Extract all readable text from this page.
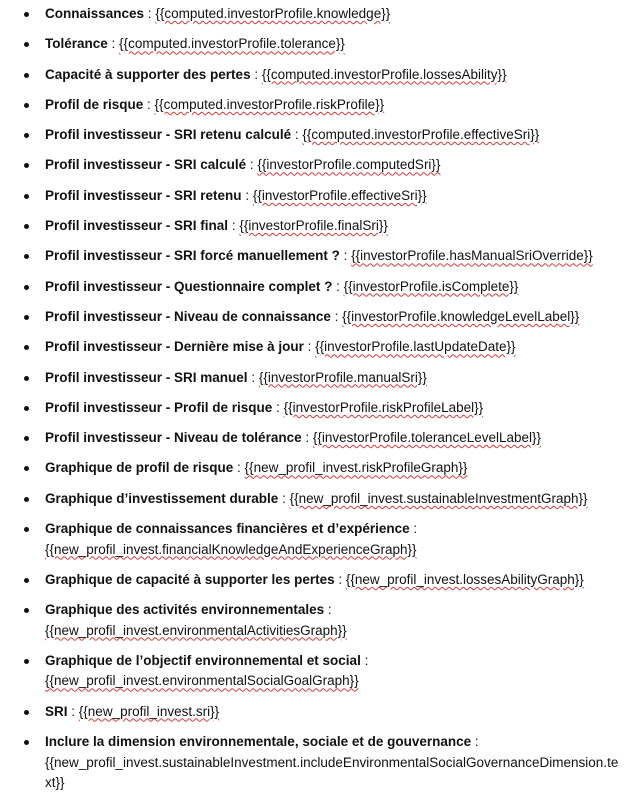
Connaissances : {{computed.investorProfile.knowledge}}
Tolérance : {{computed.investorProfile.tolerance}}
Capacité à supporter des pertes : {{computed.investorProfile.lossesAbility}}
Profil de risque : {{computed.investorProfile.riskProfile}}
Profil investisseur - SRI retenu calculé : {{computed.investorProfile.effectiveSri}}
Profil investisseur - SRI calculé : {{investorProfile.computedSri}}
Profil investisseur - SRI retenu : {{investorProfile.effectiveSri}}
Profil investisseur - SRI final : {{investorProfile.finalSri}}
Profil investisseur - SRI forcé manuellement ? : {{investorProfile.hasManualSriOverride}}
Profil investisseur - Questionnaire complet ? : {{investorProfile.isComplete}}
Profil investisseur - Niveau de connaissance : {{investorProfile.knowledgeLevelLabel}}
Profil investisseur - Dernière mise à jour : {{investorProfile.lastUpdateDate}}
Profil investisseur - SRI manuel : {{investorProfile.manualSri}}
Profil investisseur - Profil de risque : {{investorProfile.riskProfileLabel}}
Profil investisseur - Niveau de tolérance : {{investorProfile.toleranceLevelLabel}}
Graphique de profil de risque : {{new_profil_invest.riskProfileGraph}}
Graphique d’investissement durable : {{new_profil_invest.sustainableInvestmentGraph}}
Graphique de connaissances financières et d’expérience :
{{new_profil_invest.financialKnowledgeAndExperienceGraph}}
Graphique de capacité à supporter les pertes : {{new_profil_invest.lossesAbilityGraph}}
Graphique des activités environnementales :
{{new_profil_invest.environmentalActivitiesGraph}}
Graphique de l’objectif environnemental et social :
{{new_profil_invest.environmentalSocialGoalGraph}}
SRI : {{new_profil_invest.sri}}
Inclure la dimension environnementale, sociale et de gouvernance :
{{new_profil_invest.sustainableInvestment.includeEnvironmentalSocialGovernanceDimension.text}}
